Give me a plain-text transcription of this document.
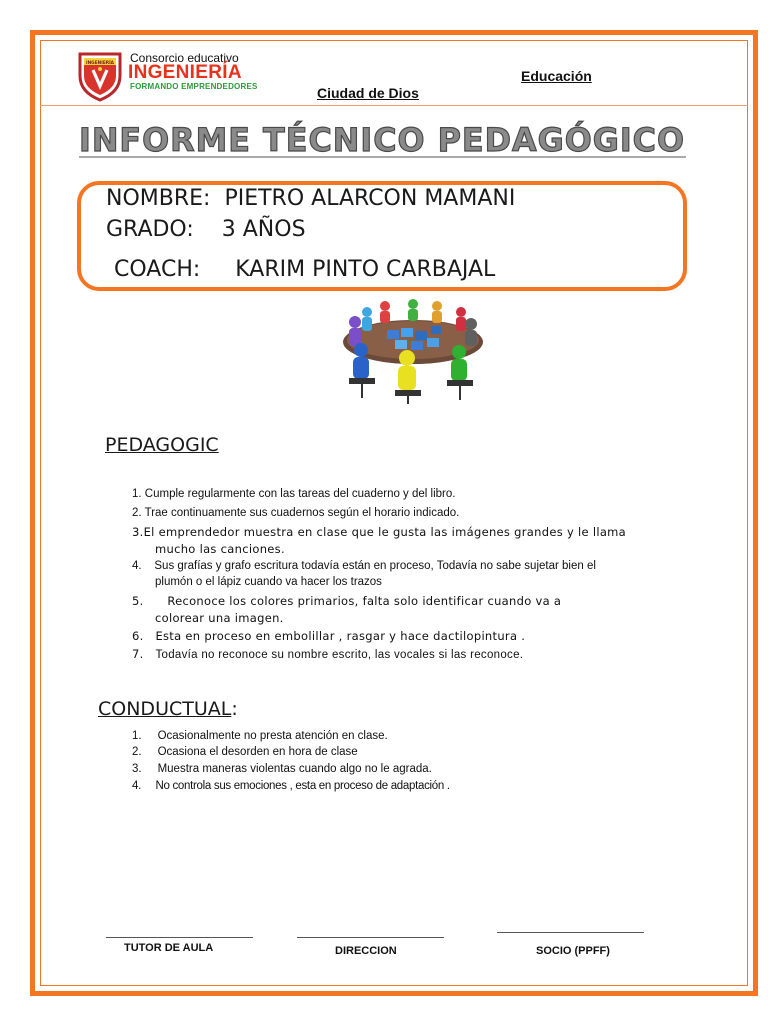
INGENIERÍA Consorcio educativo
INGENIERÍA
FORMANDO EMPRENDEDORES
Educación
Ciudad de Dios
INFORME TÉCNICO PEDAGÓGICO
NOMBRE: PIETRO ALARCON MAMANI
GRADO: 3 AÑOS
COACH: KARIM PINTO CARBAJAL
PEDAGOGIC
1. Cumple regularmente con las tareas del cuaderno y del libro.
2. Trae continuamente sus cuadernos según el horario indicado.
3.El emprendedor muestra en clase que le gusta las imágenes grandes y le llama
mucho las canciones.
4. Sus grafías y grafo escritura todavía están en proceso, Todavía no sabe sujetar bien el
plumón o el lápiz cuando va hacer los trazos
5. Reconoce los colores primarios, falta solo identificar cuando va a
colorear una imagen.
6. Esta en proceso en embolillar , rasgar y hace dactilopintura .
7. Todavía no reconoce su nombre escrito, las vocales si las reconoce.
CONDUCTUAL:
1. Ocasionalmente no presta atención en clase.
2. Ocasiona el desorden en hora de clase
3. Muestra maneras violentas cuando algo no le agrada.
4. No controla sus emociones , esta en proceso de adaptación .
TUTOR DE AULA	DIRECCION	SOCIO (PPFF)
